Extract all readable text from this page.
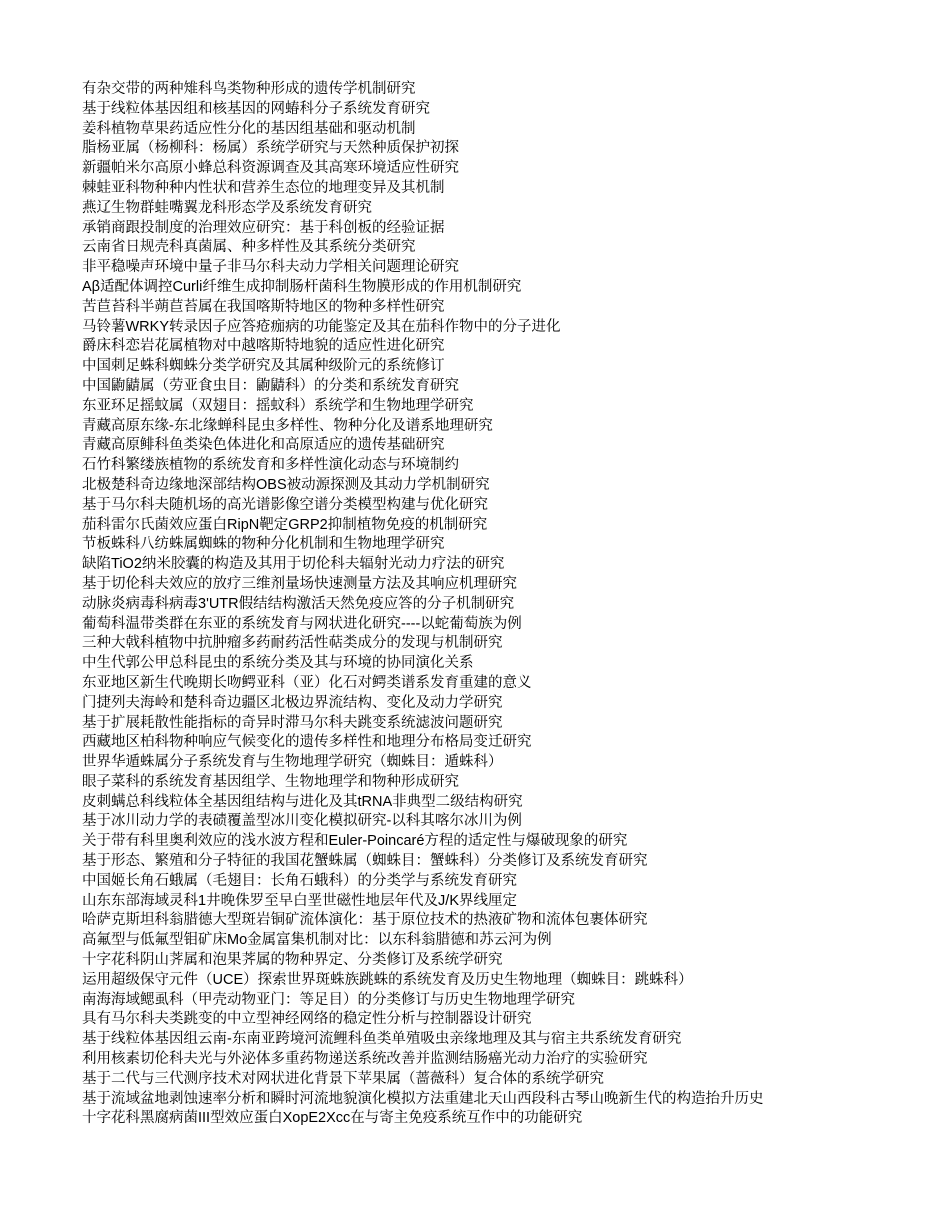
有杂交带的两种雉科鸟类物种形成的遗传学机制研究
基于线粒体基因组和核基因的网蝽科分子系统发育研究
姜科植物草果药适应性分化的基因组基础和驱动机制
脂杨亚属（杨柳科：杨属）系统学研究与天然种质保护初探
新疆帕米尔高原小蜂总科资源调查及其高寒环境适应性研究
棘蛙亚科物种种内性状和营养生态位的地理变异及其机制
燕辽生物群蛙嘴翼龙科形态学及系统发育研究
承销商跟投制度的治理效应研究：基于科创板的经验证据
云南省日规壳科真菌属、种多样性及其系统分类研究
非平稳噪声环境中量子非马尔科夫动力学相关问题理论研究
Aβ适配体调控Curli纤维生成抑制肠杆菌科生物膜形成的作用机制研究
苦苣苔科半蒴苣苔属在我国喀斯特地区的物种多样性研究
马铃薯WRKY转录因子应答疮痂病的功能鉴定及其在茄科作物中的分子进化
爵床科恋岩花属植物对中越喀斯特地貌的适应性进化研究
中国刺足蛛科蜘蛛分类学研究及其属种级阶元的系统修订
中国鼩鼱属（劳亚食虫目：鼩鼱科）的分类和系统发育研究
东亚环足摇蚊属（双翅目：摇蚊科）系统学和生物地理学研究
青藏高原东缘-东北缘蝉科昆虫多样性、物种分化及谱系地理研究
青藏高原鲱科鱼类染色体进化和高原适应的遗传基础研究
石竹科繁缕族植物的系统发育和多样性演化动态与环境制约
北极楚科奇边缘地深部结构OBS被动源探测及其动力学机制研究
基于马尔科夫随机场的高光谱影像空谱分类模型构建与优化研究
茄科雷尔氏菌效应蛋白RipN靶定GRP2抑制植物免疫的机制研究
节板蛛科八纺蛛属蜘蛛的物种分化机制和生物地理学研究
缺陷TiO2纳米胶囊的构造及其用于切伦科夫辐射光动力疗法的研究
基于切伦科夫效应的放疗三维剂量场快速测量方法及其响应机理研究
动脉炎病毒科病毒3'UTR假结结构激活天然免疫应答的分子机制研究
葡萄科温带类群在东亚的系统发育与网状进化研究----以蛇葡萄族为例
三种大戟科植物中抗肿瘤多药耐药活性萜类成分的发现与机制研究
中生代郭公甲总科昆虫的系统分类及其与环境的协同演化关系
东亚地区新生代晚期长吻鳄亚科（亚）化石对鳄类谱系发育重建的意义
门捷列夫海岭和楚科奇边疆区北极边界流结构、变化及动力学研究
基于扩展耗散性能指标的奇异时滞马尔科夫跳变系统滤波问题研究
西藏地区柏科物种响应气候变化的遗传多样性和地理分布格局变迁研究
世界华遁蛛属分子系统发育与生物地理学研究（蜘蛛目：遁蛛科）
眼子菜科的系统发育基因组学、生物地理学和物种形成研究
皮刺螨总科线粒体全基因组结构与进化及其tRNA非典型二级结构研究
基于冰川动力学的表碛覆盖型冰川变化模拟研究-以科其喀尔冰川为例
关于带有科里奥利效应的浅水波方程和Euler-Poincaré方程的适定性与爆破现象的研究
基于形态、繁殖和分子特征的我国花蟹蛛属（蜘蛛目：蟹蛛科）分类修订及系统发育研究
中国姬长角石蛾属（毛翅目：长角石蛾科）的分类学与系统发育研究
山东东部海域灵科1井晚侏罗至早白垩世磁性地层年代及J/K界线厘定
哈萨克斯坦科翁腊德大型斑岩铜矿流体演化：基于原位技术的热液矿物和流体包裹体研究
高氟型与低氟型钼矿床Mo金属富集机制对比：以东科翁腊德和苏云河为例
十字花科阴山荠属和泡果荠属的物种界定、分类修订及系统学研究
运用超级保守元件（UCE）探索世界斑蛛族跳蛛的系统发育及历史生物地理（蜘蛛目：跳蛛科）
南海海域鳃虱科（甲壳动物亚门：等足目）的分类修订与历史生物地理学研究
具有马尔科夫类跳变的中立型神经网络的稳定性分析与控制器设计研究
基于线粒体基因组云南-东南亚跨境河流鲤科鱼类单殖吸虫亲缘地理及其与宿主共系统发育研究
利用核素切伦科夫光与外泌体多重药物递送系统改善并监测结肠癌光动力治疗的实验研究
基于二代与三代测序技术对网状进化背景下苹果属（蔷薇科）复合体的系统学研究
基于流域盆地剥蚀速率分析和瞬时河流地貌演化模拟方法重建北天山西段科古琴山晚新生代的构造抬升历史
十字花科黑腐病菌III型效应蛋白XopE2Xcc在与寄主免疫系统互作中的功能研究
